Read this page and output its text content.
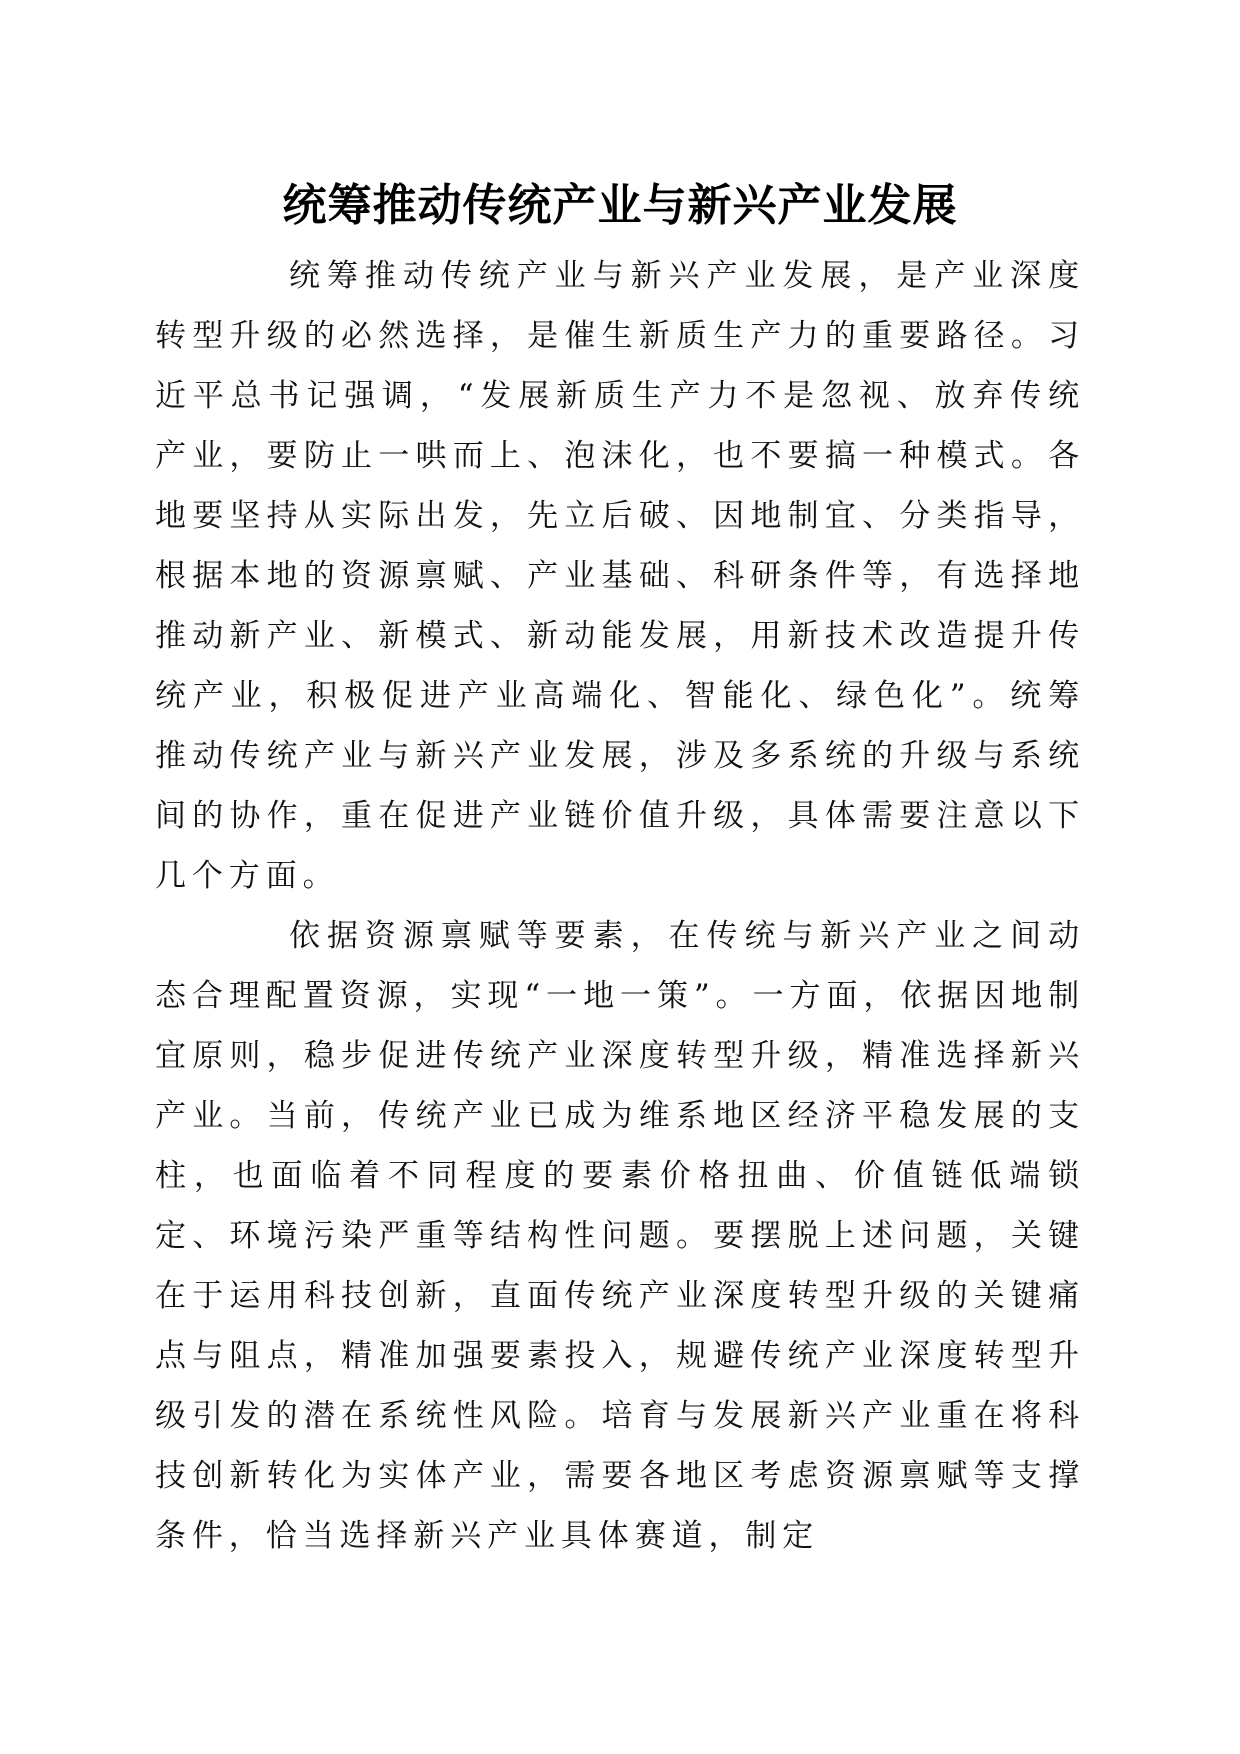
统筹推动传统产业与新兴产业发展

统筹推动传统产业与新兴产业发展，是产业深度转型升级的必然选择，是催生新质生产力的重要路径。习近平总书记强调，“发展新质生产力不是忽视、放弃传统产业，要防止一哄而上、泡沫化，也不要搞一种模式。各地要坚持从实际出发，先立后破、因地制宜、分类指导，根据本地的资源禀赋、产业基础、科研条件等，有选择地推动新产业、新模式、新动能发展，用新技术改造提升传统产业，积极促进产业高端化、智能化、绿色化”。统筹推动传统产业与新兴产业发展，涉及多系统的升级与系统间的协作，重在促进产业链价值升级，具体需要注意以下几个方面。

依据资源禀赋等要素，在传统与新兴产业之间动态合理配置资源，实现“一地一策”。一方面，依据因地制宜原则，稳步促进传统产业深度转型升级，精准选择新兴产业。当前，传统产业已成为维系地区经济平稳发展的支柱，也面临着不同程度的要素价格扭曲、价值链低端锁定、环境污染严重等结构性问题。要摆脱上述问题，关键在于运用科技创新，直面传统产业深度转型升级的关键痛点与阻点，精准加强要素投入，规避传统产业深度转型升级引发的潜在系统性风险。培育与发展新兴产业重在将科技创新转化为实体产业，需要各地区考虑资源禀赋等支撑条件，恰当选择新兴产业具体赛道，制定
